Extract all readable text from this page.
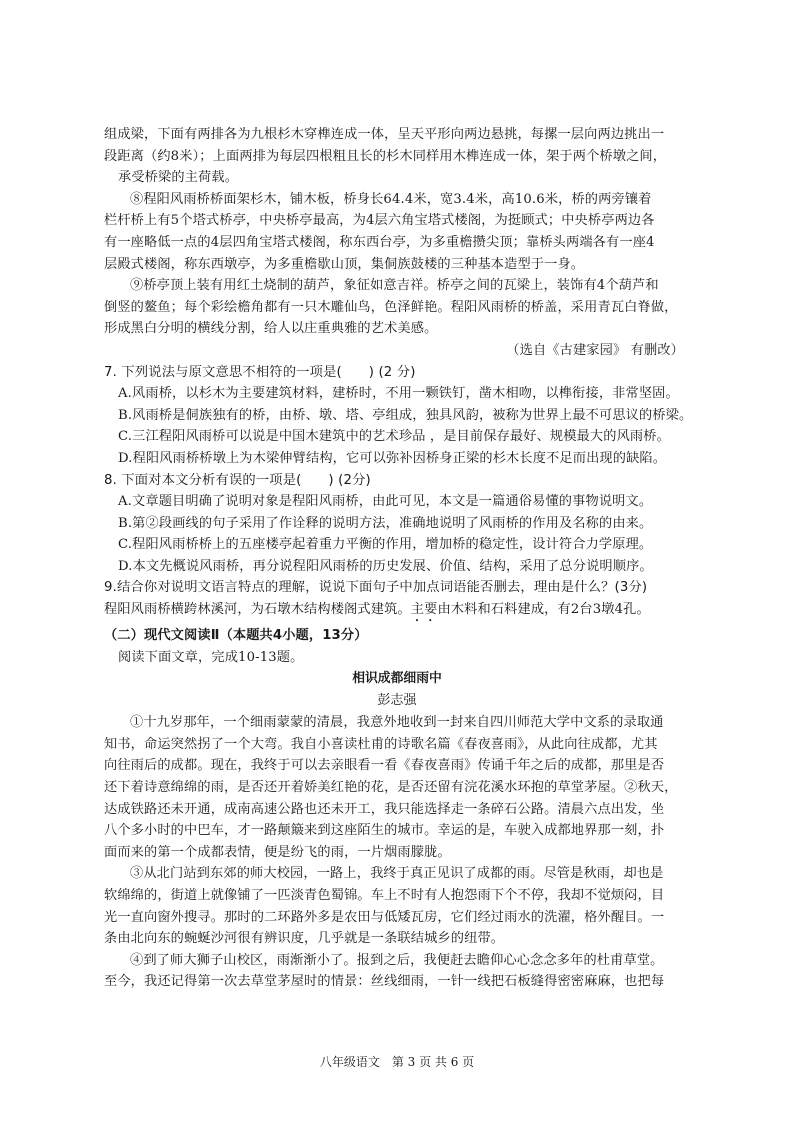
组成梁，下面有两排各为九根杉木穿榫连成一体，呈天平形向两边悬挑，每摞一层向两边挑出一
段距离（约8米）；上面两排为每层四根粗且长的杉木同样用木榫连成一体，架于两个桥墩之间，
承受桥梁的主荷载。
⑧程阳风雨桥桥面架杉木，铺木板，桥身长64.4米，宽3.4米，高10.6米，桥的两旁镶着
栏杆桥上有5个塔式桥亭，中央桥亭最高，为4层六角宝塔式楼阁，为挺顾式；中央桥亭两边各
有一座略低一点的4层四角宝塔式楼阁，称东西台亭，为多重檐攒尖顶；靠桥头两端各有一座4
层殿式楼阁，称东西墩亭，为多重檐歇山顶，集侗族鼓楼的三种基本造型于一身。
⑨桥亭顶上装有用红土烧制的葫芦，象征如意吉祥。桥亭之间的瓦梁上，装饰有4个葫芦和
倒竖的鳌鱼；每个彩绘檐角都有一只木雕仙鸟，色泽鲜艳。程阳风雨桥的桥盖，采用青瓦白脊做，
形成黑白分明的横线分割，给人以庄重典雅的艺术美感。
（选自《古建家园》 有删改）
7. 下列说法与原文意思不相符的一项是(　　) (2 分)
A.风雨桥，以杉木为主要建筑材料，建桥时，不用一颗铁钉，凿木相吻，以榫衔接，非常坚固。
B.风雨桥是侗族独有的桥，由桥、墩、塔、亭组成，独具风韵，被称为世界上最不可思议的桥梁。
C.三江程阳风雨桥可以说是中国木建筑中的艺术珍品 ，是目前保存最好、规模最大的风雨桥。
D.程阳风雨桥桥墩上为木梁伸臂结构，它可以弥补因桥身正梁的杉木长度不足而出现的缺陷。
8. 下面对本文分析有误的一项是(　　) (2分)
A.文章题目明确了说明对象是程阳风雨桥，由此可见，本文是一篇通俗易懂的事物说明文。
B.第②段画线的句子采用了作诠释的说明方法，准确地说明了风雨桥的作用及名称的由来。
C.程阳风雨桥桥上的五座楼亭起着重力平衡的作用，增加桥的稳定性，设计符合力学原理。
D.本文先概说风雨桥，再分说程阳风雨桥的历史发展、价值、结构，采用了总分说明顺序。
9.结合你对说明文语言特点的理解，说说下面句子中加点词语能否删去，理由是什么？(3分)
程阳风雨桥横跨林溪河，为石墩木结构楼阁式建筑。主要由木料和石料建成，有2台3墩4孔。
（二）现代文阅读Ⅱ（本题共4小题，13分）
阅读下面文章，完成10-13题。
相识成都细雨中
彭志强
①十九岁那年，一个细雨蒙蒙的清晨，我意外地收到一封来自四川师范大学中文系的录取通
知书，命运突然拐了一个大弯。我自小喜读杜甫的诗歌名篇《春夜喜雨》，从此向往成都，尤其
向往雨后的成都。现在，我终于可以去亲眼看一看《春夜喜雨》传诵千年之后的成都，那里是否
还下着诗意绵绵的雨，是否还开着娇美红艳的花，是否还留有浣花溪水环抱的草堂茅屋。②秋天，
达成铁路还未开通，成南高速公路也还未开工，我只能选择走一条碎石公路。清晨六点出发，坐
八个多小时的中巴车，才一路颠簸来到这座陌生的城市。幸运的是，车驶入成都地界那一刻，扑
面而来的第一个成都表情，便是纷飞的雨，一片烟雨朦胧。
③从北门站到东郊的师大校园，一路上，我终于真正见识了成都的雨。尽管是秋雨，却也是
软绵绵的，街道上就像铺了一匹淡青色蜀锦。车上不时有人抱怨雨下个不停，我却不觉烦闷，目
光一直向窗外搜寻。那时的二环路外多是农田与低矮瓦房，它们经过雨水的洗濯，格外醒目。一
条由北向东的蜿蜒沙河很有辨识度，几乎就是一条联结城乡的纽带。
④到了师大狮子山校区，雨渐渐小了。报到之后，我便赶去瞻仰心心念念多年的杜甫草堂。
至今，我还记得第一次去草堂茅屋时的情景：丝线细雨，一针一线把石板缝得密密麻麻，也把每
八年级语文　第 3 页 共 6 页
